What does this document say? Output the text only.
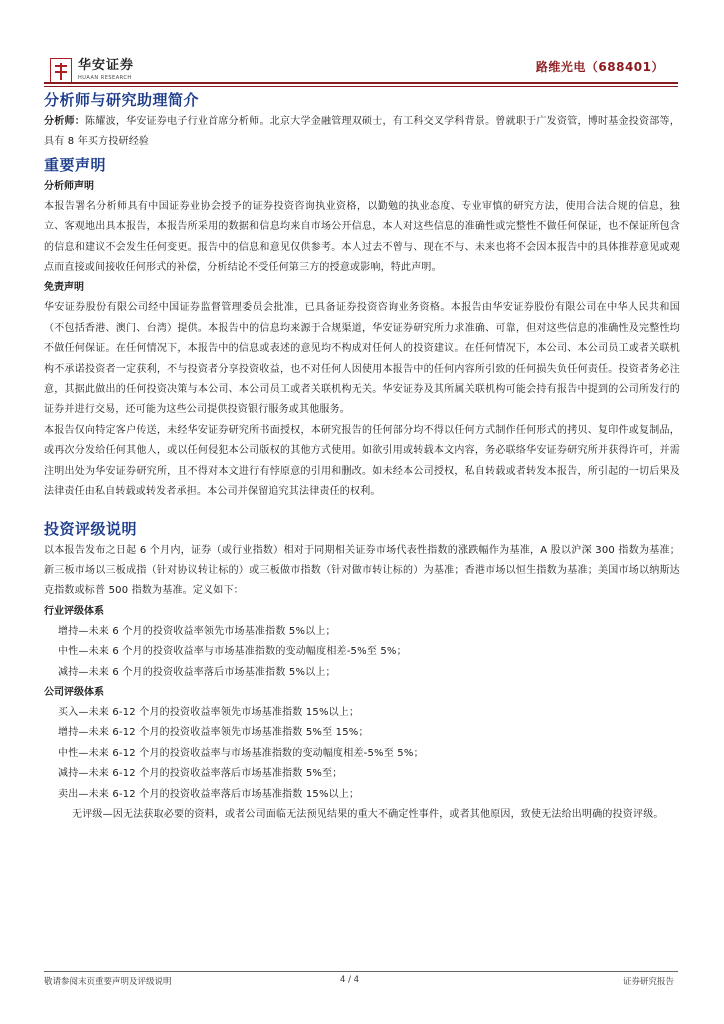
华安证券
HUAAN RESEARCH
路维光电（688401）
分析师与研究助理简介

分析师：陈耀波，华安证券电子行业首席分析师。北京大学金融管理双硕士，有工科交叉学科背景。曾就职于广发资管，博时基金投资部等，具有 8 年买方投研经验

重要声明

分析师声明

本报告署名分析师具有中国证券业协会授予的证券投资咨询执业资格，以勤勉的执业态度、专业审慎的研究方法，使用合法合规的信息，独立、客观地出具本报告，本报告所采用的数据和信息均来自市场公开信息，本人对这些信息的准确性或完整性不做任何保证，也不保证所包含的信息和建议不会发生任何变更。报告中的信息和意见仅供参考。本人过去不曾与、现在不与、未来也将不会因本报告中的具体推荐意见或观点而直接或间接收任何形式的补偿，分析结论不受任何第三方的授意或影响，特此声明。

免责声明

华安证券股份有限公司经中国证券监督管理委员会批准，已具备证券投资咨询业务资格。本报告由华安证券股份有限公司在中华人民共和国（不包括香港、澳门、台湾）提供。本报告中的信息均来源于合规渠道，华安证券研究所力求准确、可靠，但对这些信息的准确性及完整性均不做任何保证。在任何情况下，本报告中的信息或表述的意见均不构成对任何人的投资建议。在任何情况下，本公司、本公司员工或者关联机构不承诺投资者一定获利，不与投资者分享投资收益，也不对任何人因使用本报告中的任何内容所引致的任何损失负任何责任。投资者务必注意，其据此做出的任何投资决策与本公司、本公司员工或者关联机构无关。华安证券及其所属关联机构可能会持有报告中提到的公司所发行的证券并进行交易，还可能为这些公司提供投资银行服务或其他服务。

本报告仅向特定客户传送，未经华安证券研究所书面授权，本研究报告的任何部分均不得以任何方式制作任何形式的拷贝、复印件或复制品，或再次分发给任何其他人，或以任何侵犯本公司版权的其他方式使用。如欲引用或转载本文内容，务必联络华安证券研究所并获得许可，并需注明出处为华安证券研究所，且不得对本文进行有悖原意的引用和删改。如未经本公司授权，私自转载或者转发本报告，所引起的一切后果及法律责任由私自转载或转发者承担。本公司并保留追究其法律责任的权利。

投资评级说明

以本报告发布之日起 6 个月内，证券（或行业指数）相对于同期相关证券市场代表性指数的涨跌幅作为基准，A 股以沪深 300 指数为基准；新三板市场以三板成指（针对协议转让标的）或三板做市指数（针对做市转让标的）为基准；香港市场以恒生指数为基准；美国市场以纳斯达克指数或标普 500 指数为基准。定义如下：

行业评级体系

增持—未来 6 个月的投资收益率领先市场基准指数 5%以上；

中性—未来 6 个月的投资收益率与市场基准指数的变动幅度相差-5%至 5%；

减持—未来 6 个月的投资收益率落后市场基准指数 5%以上；

公司评级体系

买入—未来 6-12 个月的投资收益率领先市场基准指数 15%以上；

增持—未来 6-12 个月的投资收益率领先市场基准指数 5%至 15%；

中性—未来 6-12 个月的投资收益率与市场基准指数的变动幅度相差-5%至 5%；

减持—未来 6-12 个月的投资收益率落后市场基准指数 5%至；

卖出—未来 6-12 个月的投资收益率落后市场基准指数 15%以上；

无评级—因无法获取必要的资料，或者公司面临无法预见结果的重大不确定性事件，或者其他原因，致使无法给出明确的投资评级。

敬请参阅末页重要声明及评级说明	4 / 4	证券研究报告
